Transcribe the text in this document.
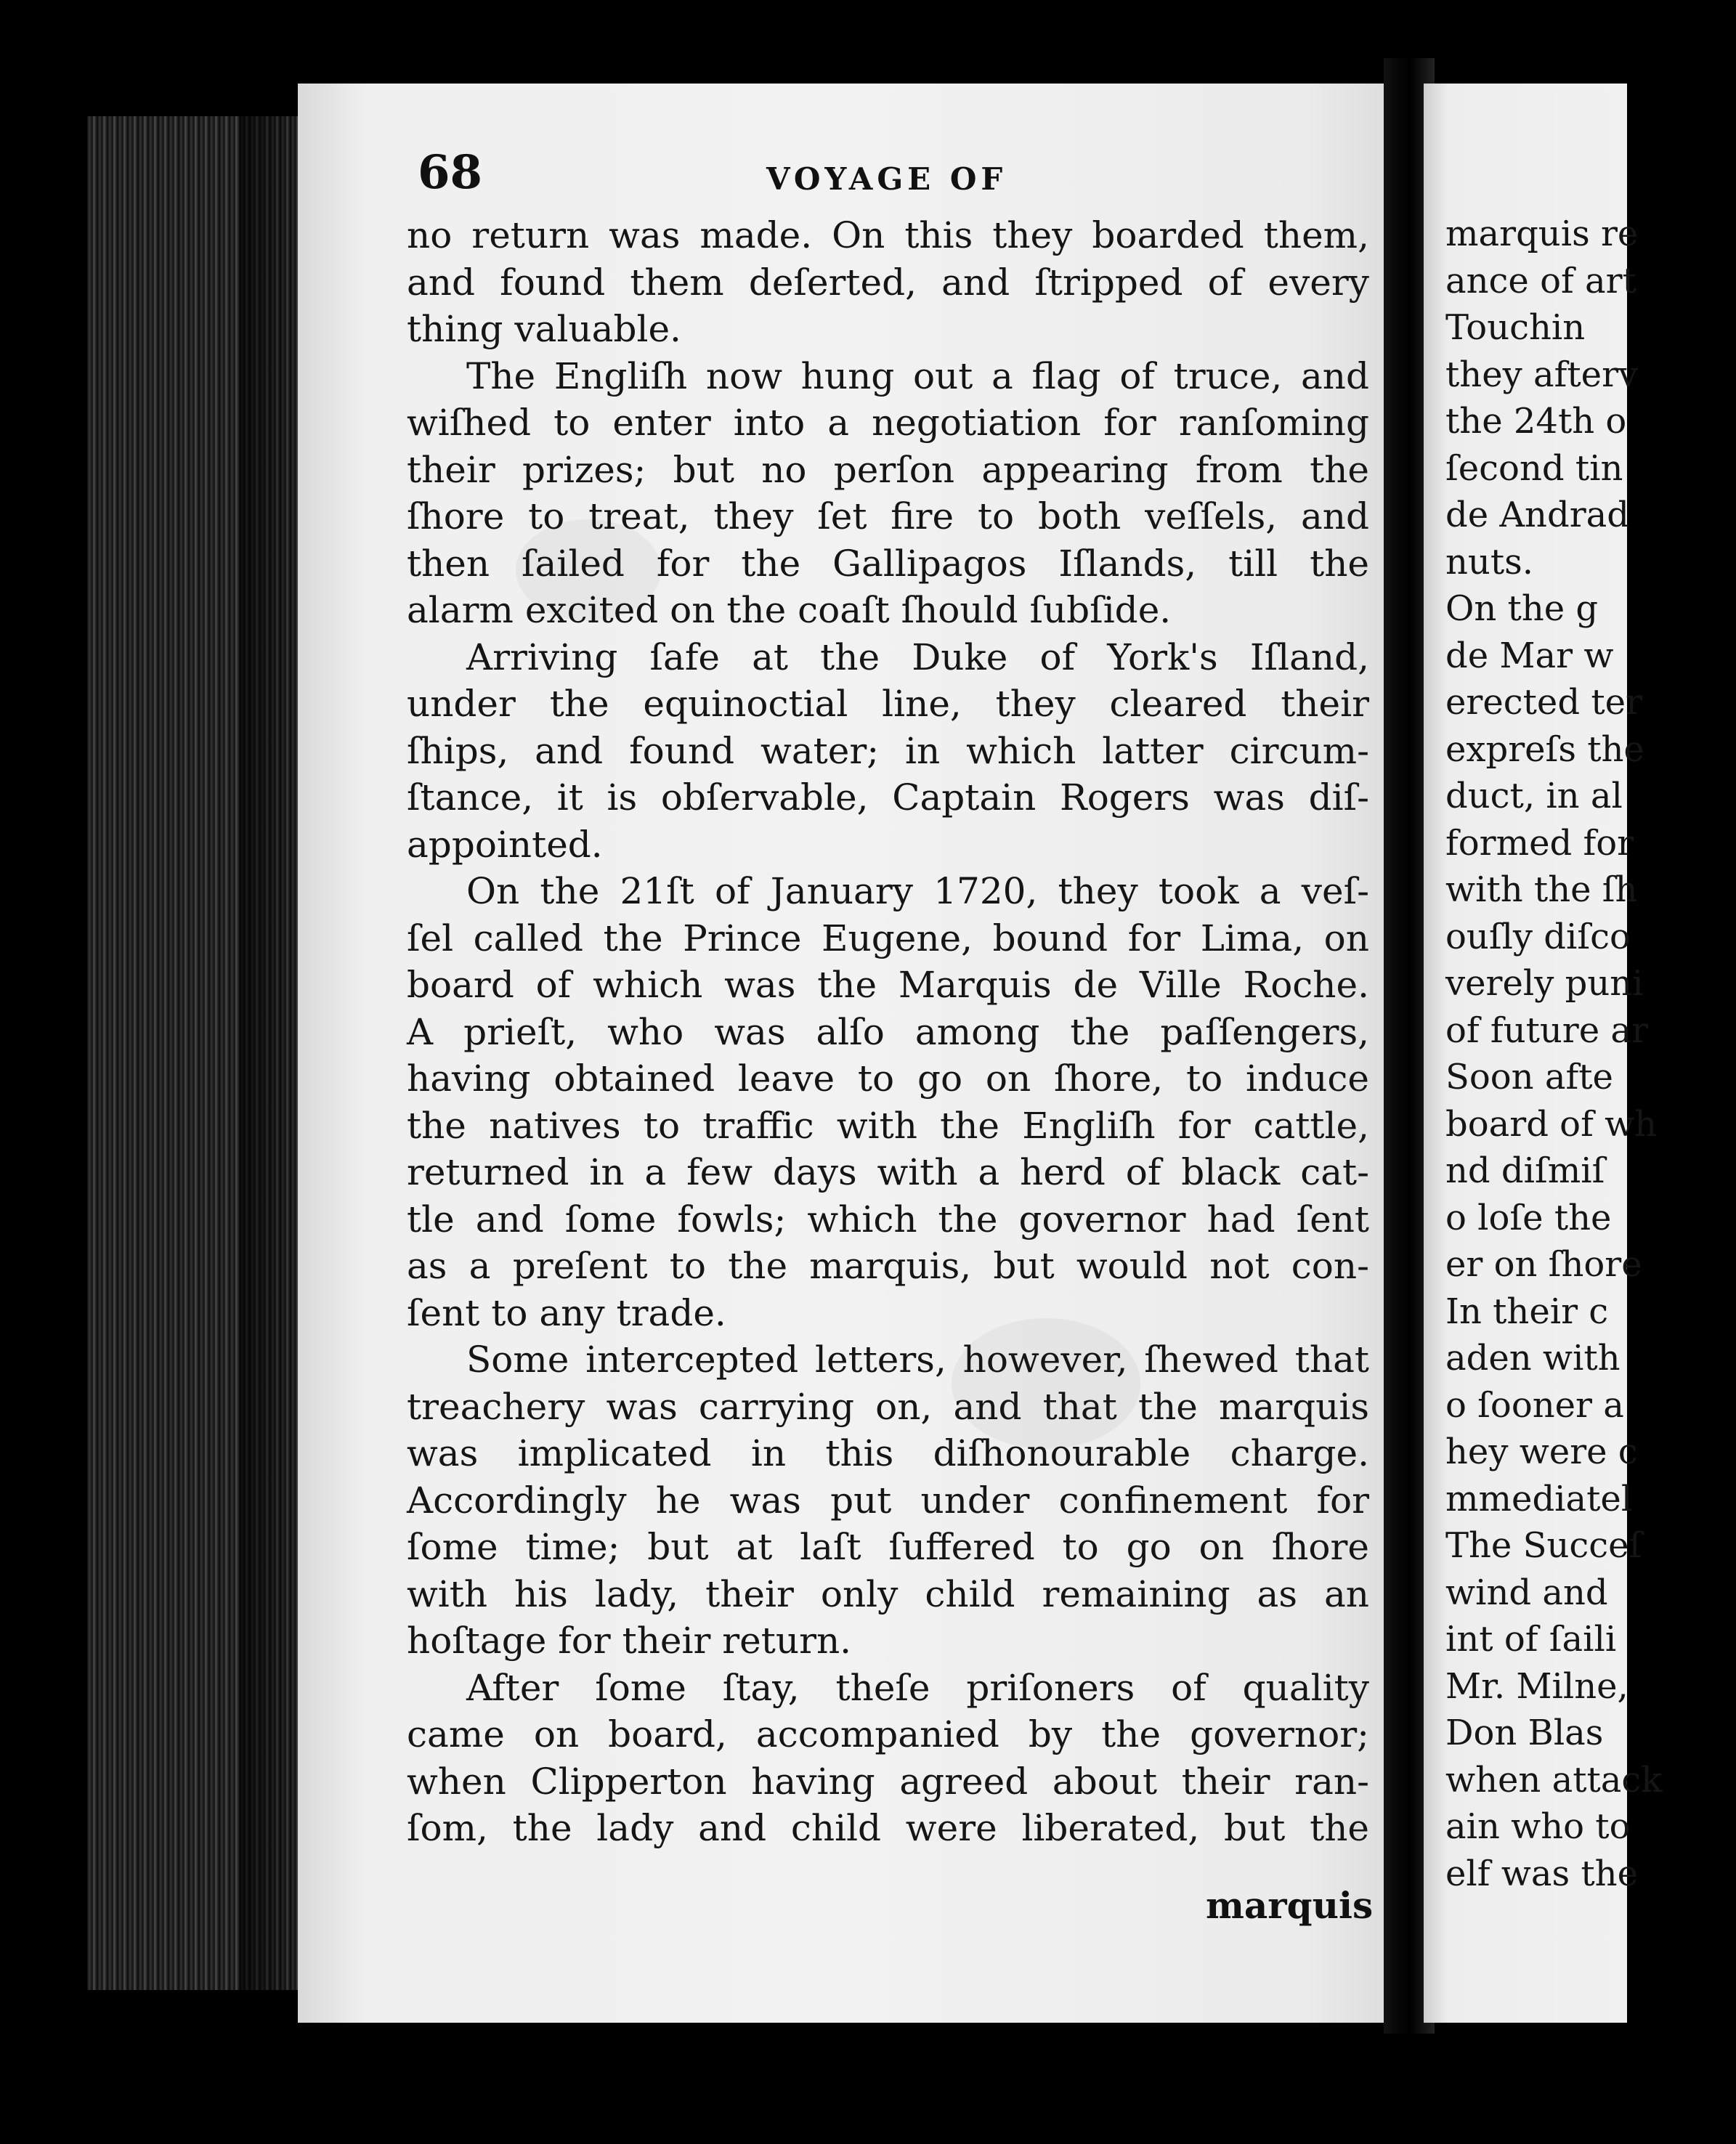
68	VOYAGE OF
no return was made. On this they boarded them,
and found them deſerted, and ſtripped of every
thing valuable.
The Engliſh now hung out a flag of truce, and
wiſhed to enter into a negotiation for ranſoming
their prizes; but no perſon appearing from the
ſhore to treat, they ſet fire to both veſſels, and
then ſailed for the Gallipagos Iſlands, till the
alarm excited on the coaſt ſhould ſubſide.
Arriving ſafe at the Duke of York's Iſland,
under the equinoctial line, they cleared their
ſhips, and found water; in which latter circum-
ſtance, it is obſervable, Captain Rogers was diſ-
appointed.
On the 21ſt of January 1720, they took a veſ-
ſel called the Prince Eugene, bound for Lima, on
board of which was the Marquis de Ville Roche.
A prieſt, who was alſo among the paſſengers,
having obtained leave to go on ſhore, to induce
the natives to traffic with the Engliſh for cattle,
returned in a few days with a herd of black cat-
tle and ſome fowls; which the governor had ſent
as a preſent to the marquis, but would not con-
ſent to any trade.
Some intercepted letters, however, ſhewed that
treachery was carrying on, and that the marquis
was implicated in this diſhonourable charge.
Accordingly he was put under confinement for
ſome time; but at laſt ſuffered to go on ſhore
with his lady, their only child remaining as an
hoſtage for their return.
After ſome ſtay, theſe priſoners of quality
came on board, accompanied by the governor;
when Clipperton having agreed about their ran-
ſom, the lady and child were liberated, but the
marquis
marquis re
ance of art
Touchin
they afterv
the 24th o
ſecond tin
de Andrad
nuts.
On the g
de Mar w
erected ter
expreſs the
duct, in al
formed for
with the ſh
ouſly diſco
verely puni
of future ar
Soon afte
board of wh
nd diſmiſ
o loſe the
er on ſhore
In their c
aden with
o ſooner a
hey were c
mmediatel
The Succeſ
wind and
int of ſaili
Mr. Milne,
Don Blas
when attack
ain who to
elf was the
